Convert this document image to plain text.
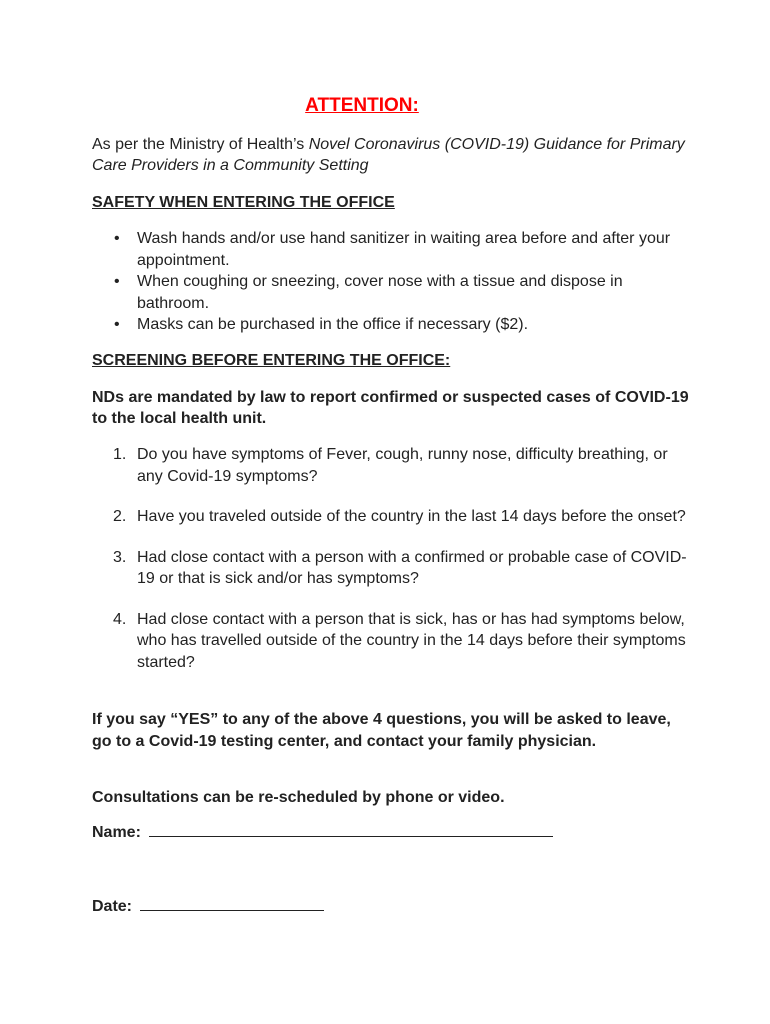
ATTENTION:
As per the Ministry of Health’s Novel Coronavirus (COVID-19) Guidance for Primary Care Providers in a Community Setting
SAFETY WHEN ENTERING THE OFFICE
• Wash hands and/or use hand sanitizer in waiting area before and after your appointment.
• When coughing or sneezing, cover nose with a tissue and dispose in bathroom.
• Masks can be purchased in the office if necessary ($2).
SCREENING BEFORE ENTERING THE OFFICE:
NDs are mandated by law to report confirmed or suspected cases of COVID-19 to the local health unit.
1. Do you have symptoms of Fever, cough, runny nose, difficulty breathing, or any Covid-19 symptoms?
2. Have you traveled outside of the country in the last 14 days before the onset?
3. Had close contact with a person with a confirmed or probable case of COVID-19 or that is sick and/or has symptoms?
4. Had close contact with a person that is sick, has or has had symptoms below, who has travelled outside of the country in the 14 days before their symptoms started?
If you say “YES” to any of the above 4 questions, you will be asked to leave, go to a Covid-19 testing center, and contact your family physician.
Consultations can be re-scheduled by phone or video.
Name:
Date:
